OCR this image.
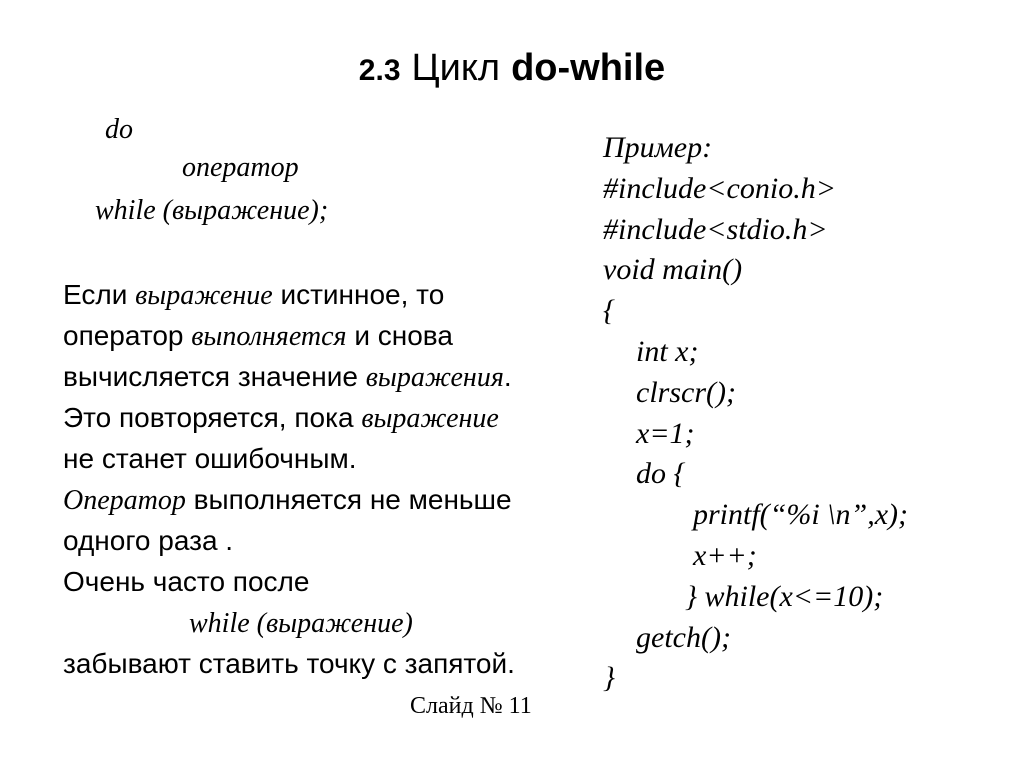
2.3 Цикл do-while
do
оператор
while (выражение);
Если выражение истинное, то
оператор выполняется и снова
вычисляется значение выражения.
Это повторяется, пока выражение
не станет ошибочным.
Оператор выполняется не меньше
одного раза .
Очень часто после
while (выражение)
забывают ставить точку с запятой.
Пример:
#include<conio.h>
#include<stdio.h>
void main()
{
int x;
clrscr();
x=1;
do {
printf(“%i \n”,x);
x++;
} while(x<=10);
getch();
}
Слайд № 11
